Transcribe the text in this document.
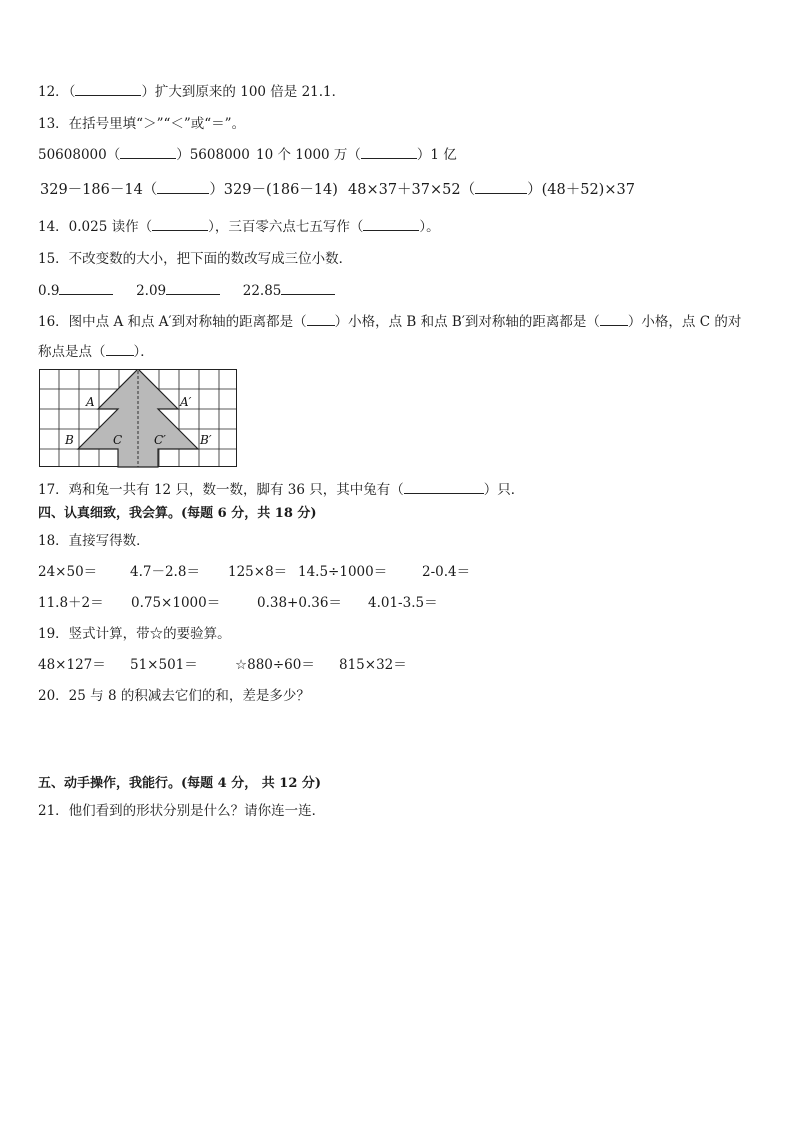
12．（	）扩大到原来的 100 倍是 21.1．
13．在括号里填“＞”“＜”或“＝”。
50608000（	）5608000 10 个 1000 万（	）1 亿
329－186－14（	）329－(186－14) 48×37＋37×52（	）(48＋52)×37
14．0.025 读作（	），三百零六点七五写作（	）。
15．不改变数的大小，把下面的数改写成三位小数．
0.9	2.09	22.85
16．图中点 A 和点 A′到对称轴的距离都是（ ）小格，点 B 和点 B′到对称轴的距离都是（ ）小格，点 C 的对
称点是点（ ）．
A	A′
B	B′
C	C′
17．鸡和兔一共有 12 只，数一数，脚有 36 只，其中兔有（	）只．
四、认真细致，我会算。(每题 6 分，共 18 分)
18．直接写得数．
24×50＝ 4.7－2.8＝ 125×8＝ 14.5÷1000＝	2-0.4＝
11.8＋2＝ 0.75×1000＝	0.38+0.36＝ 4.01-3.5＝
19．竖式计算，带☆的要验算。
48×127＝ 51×501＝	☆880÷60＝ 815×32＝
20．25 与 8 的积减去它们的和，差是多少？
五、动手操作，我能行。(每题 4 分， 共 12 分)
21．他们看到的形状分别是什么？请你连一连．
